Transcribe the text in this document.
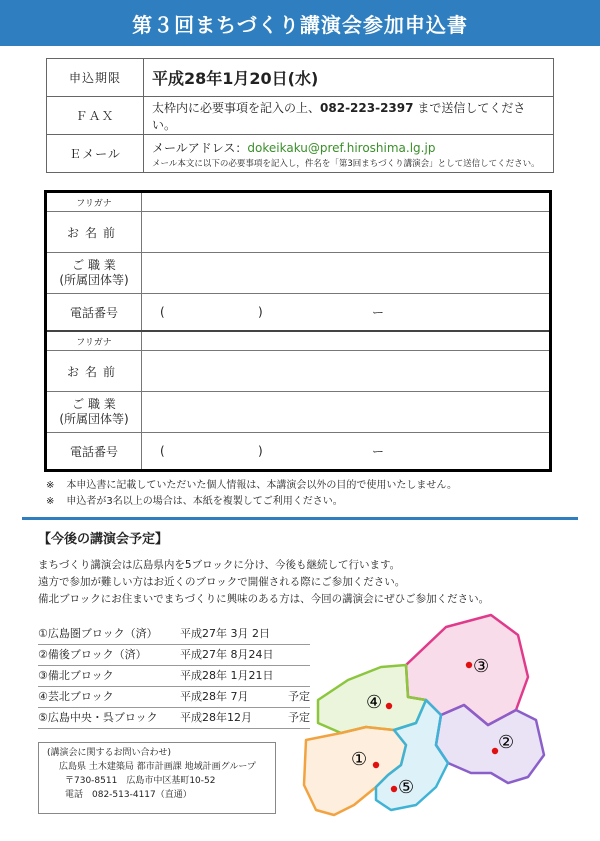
第３回まちづくり講演会参加申込書
申込期限	平成28年1月20日(水)
ＦＡＸ	太枠内に必要事項を記入の上、082-223-2397 まで送信してください。
Ｅメール	メールアドレス：dokeikaku@pref.hiroshima.lg.jp
メール本文に以下の必要事項を記入し，件名を「第3回まちづくり講演会」として送信してください。
フリガナ	
お名前	
ご 職 業
(所属団体等)	
電話番号	( ) ー

フリガナ	
お名前	
ご 職 業
(所属団体等)	
電話番号	( ) ー
※ 本申込書に記載していただいた個人情報は、本講演会以外の目的で使用いたしません。
※ 申込者が3名以上の場合は、本紙を複製してご利用ください。
【今後の講演会予定】
まちづくり講演会は広島県内を5ブロックに分け、今後も継続して行います。
遠方で参加が難しい方はお近くのブロックで開催される際にご参加ください。
備北ブロックにお住まいでまちづくりに興味のある方は、今回の講演会にぜひご参加ください。
①広島圏ブロック（済）	平成27年 3月 2日
②備後ブロック（済）	平成27年 8月24日
③備北ブロック	平成28年 1月21日
④芸北ブロック	平成28年 7月	予定
⑤広島中央・呉ブロック	平成28年12月	予定
(講演会に関するお問い合わせ)
広島県 土木建築局 都市計画課 地域計画グループ
〒730-8511　広島市中区基町10-52
電話　082-513-4117（直通）
①
②
③
④
⑤
